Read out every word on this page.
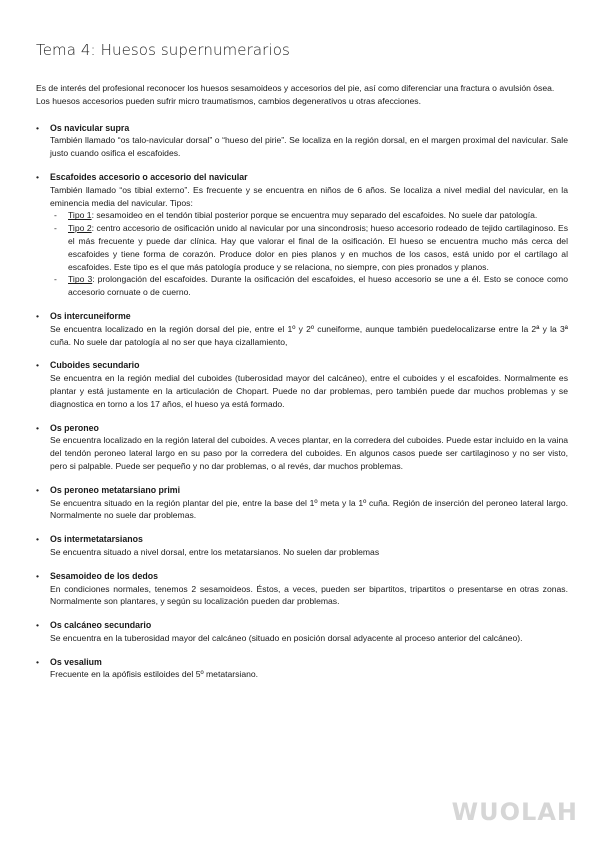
Tema 4: Huesos supernumerarios

Es de interés del profesional reconocer los huesos sesamoideos y accesorios del pie, así como diferenciar una fractura o avulsión ósea.

Los huesos accesorios pueden sufrir micro traumatismos, cambios degenerativos u otras afecciones.

• Os navicular supra

También llamado “os talo-navicular dorsal” o “hueso del pirie”. Se localiza en la región dorsal, en el margen proximal del navicular. Sale justo cuando osifica el escafoides.

• Escafoides accesorio o accesorio del navicular

También llamado “os tibial externo”. Es frecuente y se encuentra en niños de 6 años. Se localiza a nivel medial del navicular, en la eminencia media del navicular. Tipos:

- Tipo 1: sesamoideo en el tendón tibial posterior porque se encuentra muy separado del escafoides. No suele dar patología.
- Tipo 2: centro accesorio de osificación unido al navicular por una sincondrosis; hueso accesorio rodeado de tejido cartilaginoso. Es el más frecuente y puede dar clínica. Hay que valorar el final de la osificación. El hueso se encuentra mucho más cerca del escafoides y tiene forma de corazón. Produce dolor en pies planos y en muchos de los casos, está unido por el cartílago al escafoides. Este tipo es el que más patología produce y se relaciona, no siempre, con pies pronados y planos.
- Tipo 3: prolongación del escafoides. Durante la osificación del escafoides, el hueso accesorio se une a él. Esto se conoce como accesorio cornuate o de cuerno.
• Os intercuneiforme

Se encuentra localizado en la región dorsal del pie, entre el 1º y 2º cuneiforme, aunque también puedelocalizarse entre la 2ª y la 3ª cuña. No suele dar patología al no ser que haya cizallamiento,

• Cuboides secundario

Se encuentra en la región medial del cuboides (tuberosidad mayor del calcáneo), entre el cuboides y el escafoides. Normalmente es plantar y está justamente en la articulación de Chopart. Puede no dar problemas, pero también puede dar muchos problemas y se diagnostica en torno a los 17 años, el hueso ya está formado.

• Os peroneo

Se encuentra localizado en la región lateral del cuboides. A veces plantar, en la corredera del cuboides. Puede estar incluido en la vaina del tendón peroneo lateral largo en su paso por la corredera del cuboides. En algunos casos puede ser cartilaginoso y no ser visto, pero si palpable. Puede ser pequeño y no dar problemas, o al revés, dar muchos problemas.

• Os peroneo metatarsiano primi

Se encuentra situado en la región plantar del pie, entre la base del 1º meta y la 1º cuña. Región de inserción del peroneo lateral largo. Normalmente no suele dar problemas.

• Os intermetatarsianos

Se encuentra situado a nivel dorsal, entre los metatarsianos. No suelen dar problemas

• Sesamoideo de los dedos

En condiciones normales, tenemos 2 sesamoideos. Éstos, a veces, pueden ser bipartitos, tripartitos o presentarse en otras zonas. Normalmente son plantares, y según su localización pueden dar problemas.

• Os calcáneo secundario

Se encuentra en la tuberosidad mayor del calcáneo (situado en posición dorsal adyacente al proceso anterior del calcáneo).

• Os vesalium

Frecuente en la apófisis estiloides del 5º metatarsiano.

WUOLAH
